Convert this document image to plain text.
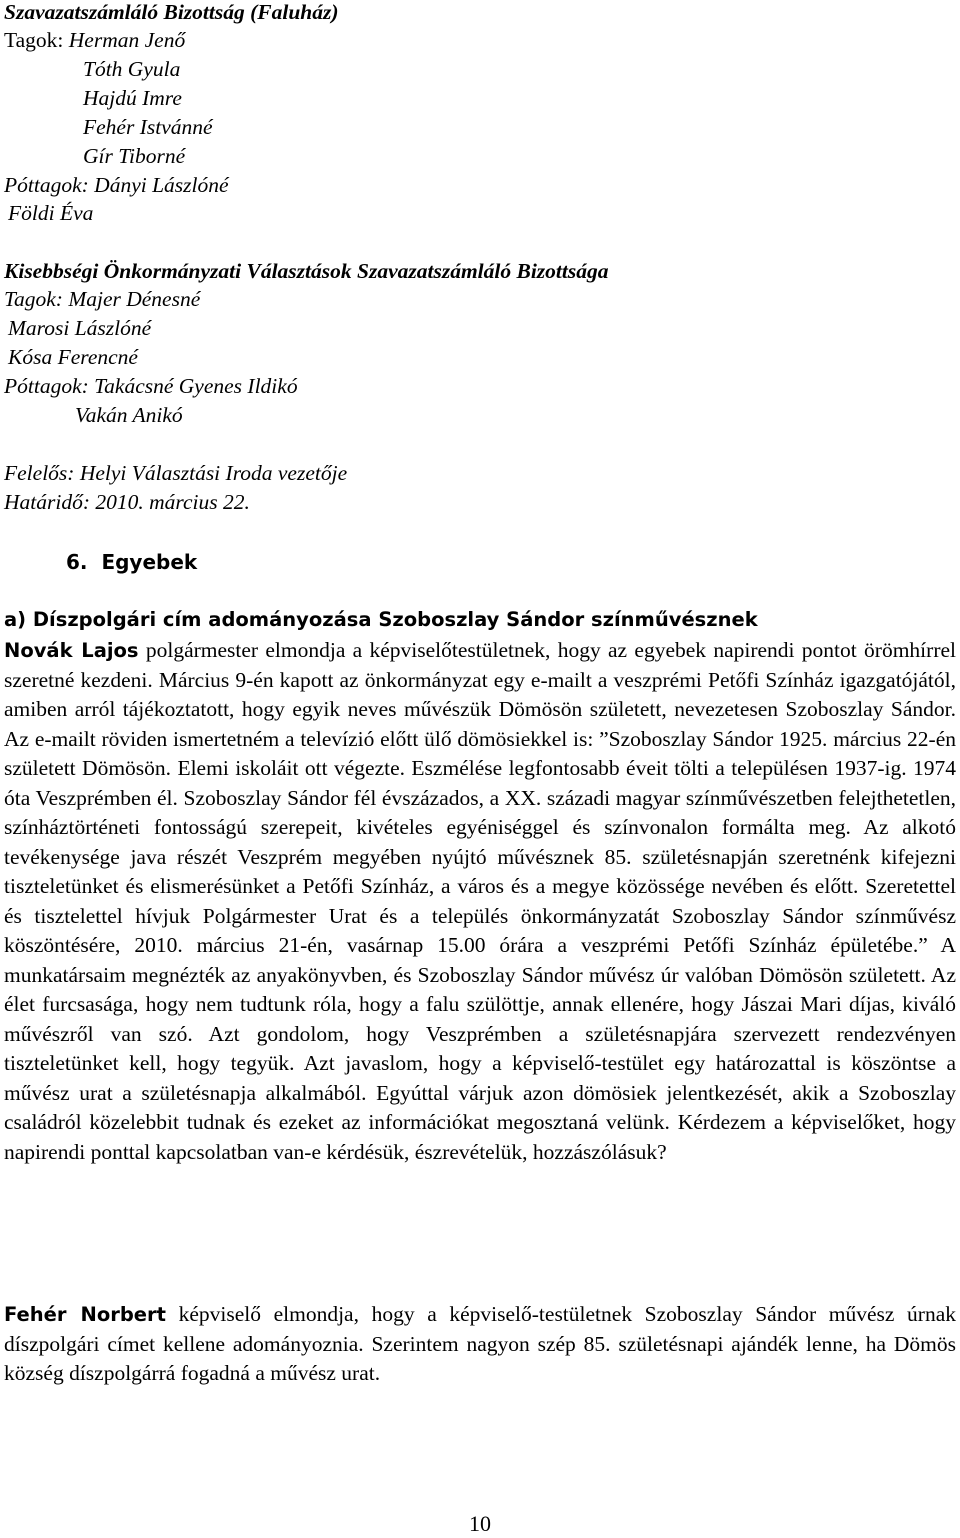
Szavazatszámláló Bizottság (Faluház)
Tagok: Herman Jenő
Tóth Gyula
Hajdú Imre
Fehér Istvánné
Gír Tiborné
Póttagok: Dányi Lászlóné
Földi Éva
Kisebbségi Önkormányzati Választások Szavazatszámláló Bizottsága
Tagok: Majer Dénesné
Marosi Lászlóné
Kósa Ferencné
Póttagok: Takácsné Gyenes Ildikó
Vakán Anikó
Felelős: Helyi Választási Iroda vezetője
Határidő: 2010. március 22.
6. Egyebek
a) Díszpolgári cím adományozása Szoboszlay Sándor színművésznek

Novák Lajos polgármester elmondja a képviselőtestületnek, hogy az egyebek napirendi pontot örömhírrel szeretné kezdeni. Március 9-én kapott az önkormányzat egy e-mailt a veszprémi Petőfi Színház igazgatójától, amiben arról tájékoztatott, hogy egyik neves művészük Dömösön született, nevezetesen Szoboszlay Sándor. Az e-mailt röviden ismertetném a televízió előtt ülő dömösiekkel is: ”Szoboszlay Sándor 1925. március 22-én született Dömösön. Elemi iskoláit ott végezte. Eszmélése legfontosabb éveit tölti a településen 1937-ig. 1974 óta Veszprémben él. Szoboszlay Sándor fél évszázados, a XX. századi magyar színművészetben felejthetetlen, színháztörténeti fontosságú szerepeit, kivételes egyéniséggel és színvonalon formálta meg. Az alkotó tevékenysége java részét Veszprém megyében nyújtó művésznek 85. születésnapján szeretnénk kifejezni tiszteletünket és elismerésünket a Petőfi Színház, a város és a megye közössége nevében és előtt. Szeretettel és tisztelettel hívjuk Polgármester Urat és a település önkormányzatát Szoboszlay Sándor színművész köszöntésére, 2010. március 21-én, vasárnap 15.00 órára a veszprémi Petőfi Színház épületébe.” A munkatársaim megnézték az anyakönyvben, és Szoboszlay Sándor művész úr valóban Dömösön született. Az élet furcsasága, hogy nem tudtunk róla, hogy a falu szülöttje, annak ellenére, hogy Jászai Mari díjas, kiváló művészről van szó. Azt gondolom, hogy Veszprémben a születésnapjára szervezett rendezvényen tiszteletünket kell, hogy tegyük. Azt javaslom, hogy a képviselő-testület egy határozattal is köszöntse a művész urat a születésnapja alkalmából. Egyúttal várjuk azon dömösiek jelentkezését, akik a Szoboszlay családról közelebbit tudnak és ezeket az információkat megosztaná velünk. Kérdezem a képviselőket, hogy napirendi ponttal kapcsolatban van-e kérdésük, észrevételük, hozzászólásuk?

Fehér Norbert képviselő elmondja, hogy a képviselő-testületnek Szoboszlay Sándor művész úrnak díszpolgári címet kellene adományoznia. Szerintem nagyon szép 85. születésnapi ajándék lenne, ha Dömös község díszpolgárrá fogadná a művész urat.

10
